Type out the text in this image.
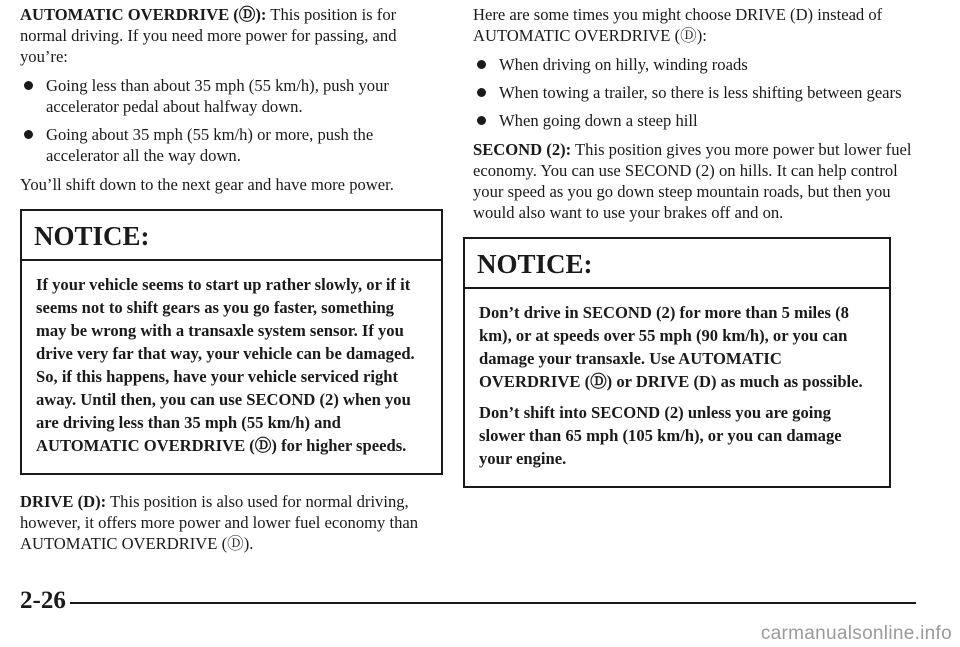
AUTOMATIC OVERDRIVE (Ⓓ): This position is for normal driving. If you need more power for passing, and you’re:

Going less than about 35 mph (55 km/h), push your accelerator pedal about halfway down.
Going about 35 mph (55 km/h) or more, push the accelerator all the way down.

You’ll shift down to the next gear and have more power.

NOTICE:

If your vehicle seems to start up rather slowly, or if it seems not to shift gears as you go faster, something may be wrong with a transaxle system sensor. If you drive very far that way, your vehicle can be damaged. So, if this happens, have your vehicle serviced right away. Until then, you can use SECOND (2) when you are driving less than 35 mph (55 km/h) and AUTOMATIC OVERDRIVE (Ⓓ) for higher speeds.

DRIVE (D): This position is also used for normal driving, however, it offers more power and lower fuel economy than AUTOMATIC OVERDRIVE (Ⓓ).

Here are some times you might choose DRIVE (D) instead of AUTOMATIC OVERDRIVE (Ⓓ):

When driving on hilly, winding roads
When towing a trailer, so there is less shifting between gears
When going down a steep hill

SECOND (2): This position gives you more power but lower fuel economy. You can use SECOND (2) on hills. It can help control your speed as you go down steep mountain roads, but then you would also want to use your brakes off and on.

NOTICE:

Don’t drive in SECOND (2) for more than 5 miles (8 km), or at speeds over 55 mph (90 km/h), or you can damage your transaxle. Use AUTOMATIC OVERDRIVE (Ⓓ) or DRIVE (D) as much as possible.

Don’t shift into SECOND (2) unless you are going slower than 65 mph (105 km/h), or you can damage your engine.

2-26
carmanualsonline.info
